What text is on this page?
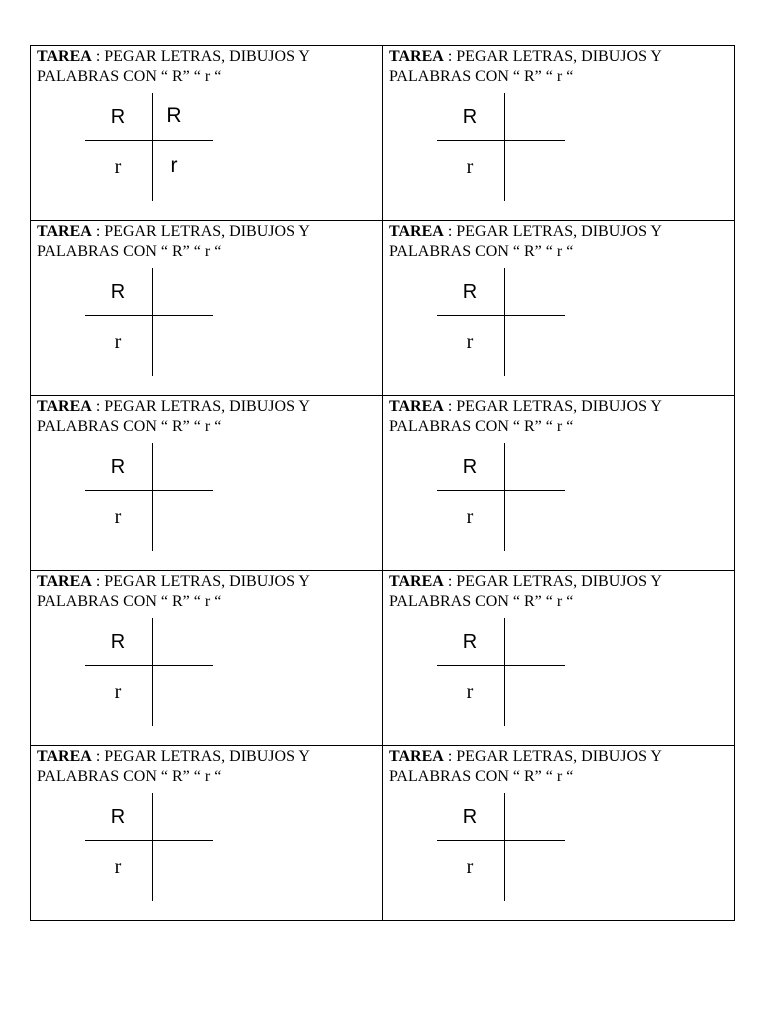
TAREA : PEGAR LETRAS, DIBUJOS Y PALABRAS CON “ R” “ r “

R
r
R
r

TAREA : PEGAR LETRAS, DIBUJOS Y PALABRAS CON “ R” “ r “

R
r

TAREA : PEGAR LETRAS, DIBUJOS Y PALABRAS CON “ R” “ r “

R
r

TAREA : PEGAR LETRAS, DIBUJOS Y PALABRAS CON “ R” “ r “

R
r

TAREA : PEGAR LETRAS, DIBUJOS Y PALABRAS CON “ R” “ r “

R
r

TAREA : PEGAR LETRAS, DIBUJOS Y PALABRAS CON “ R” “ r “

R
r

TAREA : PEGAR LETRAS, DIBUJOS Y PALABRAS CON “ R” “ r “

R
r

TAREA : PEGAR LETRAS, DIBUJOS Y PALABRAS CON “ R” “ r “

R
r

TAREA : PEGAR LETRAS, DIBUJOS Y PALABRAS CON “ R” “ r “

R
r

TAREA : PEGAR LETRAS, DIBUJOS Y PALABRAS CON “ R” “ r “

R
r
